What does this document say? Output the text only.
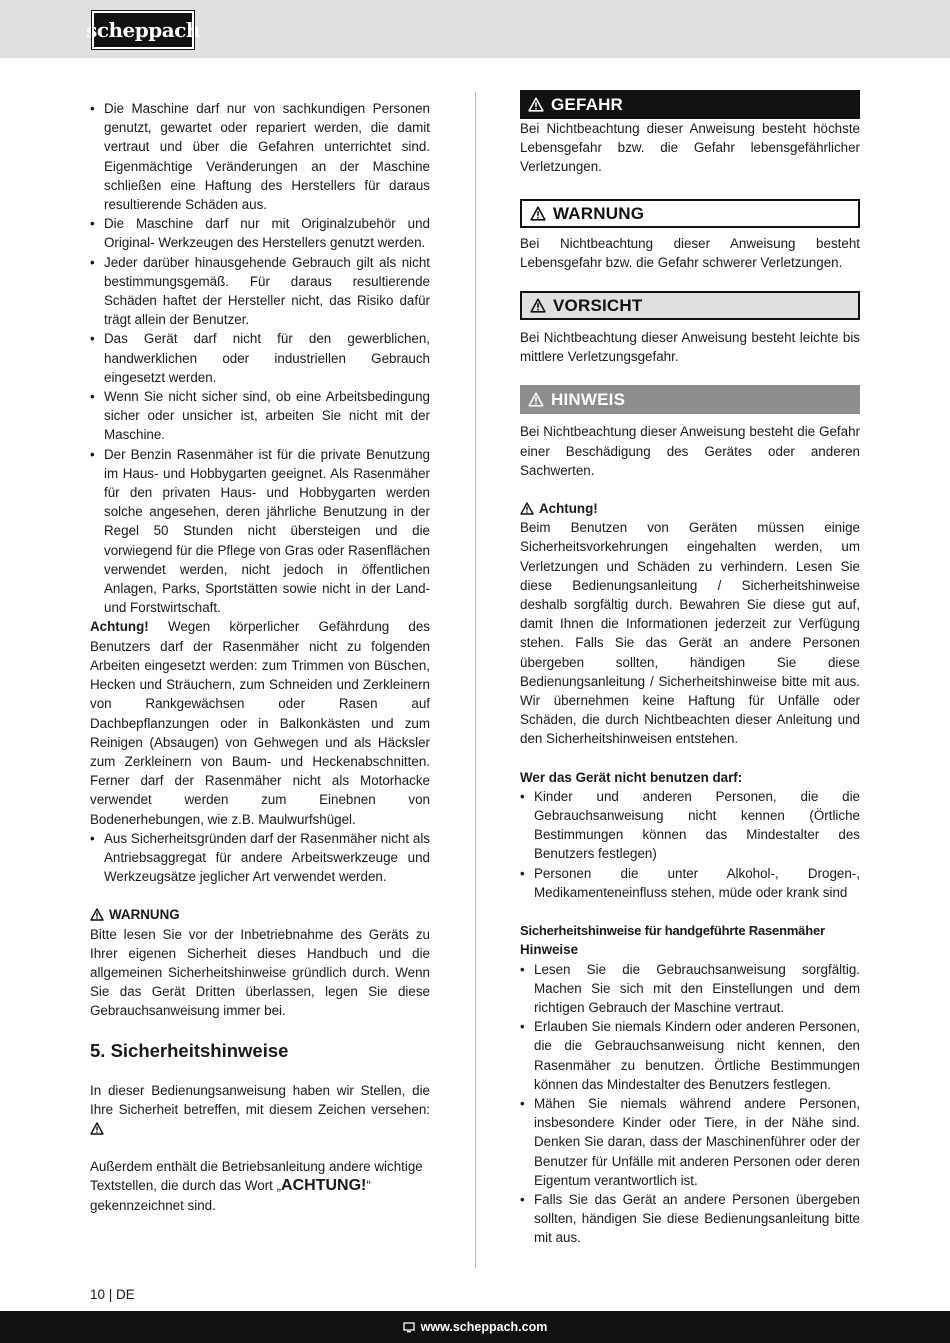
scheppach
• Die Maschine darf nur von sachkundigen Personen genutzt, gewartet oder repariert werden, die damit vertraut und über die Gefahren unterrichtet sind. Eigenmächtige Veränderungen an der Maschine schließen eine Haftung des Herstellers für daraus resultierende Schäden aus.
• Die Maschine darf nur mit Originalzubehör und Original- Werkzeugen des Herstellers genutzt werden.
• Jeder darüber hinausgehende Gebrauch gilt als nicht bestimmungsgemäß. Für daraus resultierende Schäden haftet der Hersteller nicht, das Risiko dafür trägt allein der Benutzer.
• Das Gerät darf nicht für den gewerblichen, handwerklichen oder industriellen Gebrauch eingesetzt werden.
• Wenn Sie nicht sicher sind, ob eine Arbeitsbedingung sicher oder unsicher ist, arbeiten Sie nicht mit der Maschine.
• Der Benzin Rasenmäher ist für die private Benutzung im Haus- und Hobbygarten geeignet. Als Rasenmäher für den privaten Haus- und Hobbygarten werden solche angesehen, deren jährliche Benutzung in der Regel 50 Stunden nicht übersteigen und die vorwiegend für die Pflege von Gras oder Rasenflächen verwendet werden, nicht jedoch in öffentlichen Anlagen, Parks, Sportstätten sowie nicht in der Land- und Forstwirtschaft.

Achtung! Wegen körperlicher Gefährdung des Benutzers darf der Rasenmäher nicht zu folgenden Arbeiten eingesetzt werden: zum Trimmen von Büschen, Hecken und Sträuchern, zum Schneiden und Zerkleinern von Rankgewächsen oder Rasen auf Dachbepflanzungen oder in Balkonkästen und zum Reinigen (Absaugen) von Gehwegen und als Häcksler zum Zerkleinern von Baum- und Heckenabschnitten. Ferner darf der Rasenmäher nicht als Motorhacke verwendet werden zum Einebnen von Bodenerhebungen, wie z.B. Maulwurfshügel.

• Aus Sicherheitsgründen darf der Rasenmäher nicht als Antriebsaggregat für andere Arbeitswerkzeuge und Werkzeugsätze jeglicher Art verwendet werden.
WARNUNG

Bitte lesen Sie vor der Inbetriebnahme des Geräts zu Ihrer eigenen Sicherheit dieses Handbuch und die allgemeinen Sicherheitshinweise gründlich durch. Wenn Sie das Gerät Dritten überlassen, legen Sie diese Gebrauchsanweisung immer bei.

5. Sicherheitshinweise

In dieser Bedienungsanweisung haben wir Stellen, die Ihre Sicherheit betreffen, mit diesem Zeichen versehen:

Außerdem enthält die Betriebsanleitung andere wichtige Textstellen, die durch das Wort „ACHTUNG!“ gekennzeichnet sind.

GEFAHR

Bei Nichtbeachtung dieser Anweisung besteht höchste Lebensgefahr bzw. die Gefahr lebensgefährlicher Verletzungen.

WARNUNG

Bei Nichtbeachtung dieser Anweisung besteht Lebensgefahr bzw. die Gefahr schwerer Verletzungen.

VORSICHT

Bei Nichtbeachtung dieser Anweisung besteht leichte bis mittlere Verletzungsgefahr.

HINWEIS

Bei Nichtbeachtung dieser Anweisung besteht die Gefahr einer Beschädigung des Gerätes oder anderen Sachwerten.

Achtung!

Beim Benutzen von Geräten müssen einige Sicherheitsvorkehrungen eingehalten werden, um Verletzungen und Schäden zu verhindern. Lesen Sie diese Bedienungsanleitung / Sicherheitshinweise deshalb sorgfältig durch. Bewahren Sie diese gut auf, damit Ihnen die Informationen jederzeit zur Verfügung stehen. Falls Sie das Gerät an andere Personen übergeben sollten, händigen Sie diese Bedienungsanleitung / Sicherheitshinweise bitte mit aus. Wir übernehmen keine Haftung für Unfälle oder Schäden, die durch Nichtbeachten dieser Anleitung und den Sicherheitshinweisen entstehen.

Wer das Gerät nicht benutzen darf:

• Kinder und anderen Personen, die die Gebrauchsanweisung nicht kennen (Örtliche Bestimmungen können das Mindestalter des Benutzers festlegen)
• Personen die unter Alkohol-, Drogen-, Medikamenteneinfluss stehen, müde oder krank sind

Sicherheitshinweise für handgeführte Rasenmäher

Hinweise

• Lesen Sie die Gebrauchsanweisung sorgfältig. Machen Sie sich mit den Einstellungen und dem richtigen Gebrauch der Maschine vertraut.
• Erlauben Sie niemals Kindern oder anderen Personen, die die Gebrauchsanweisung nicht kennen, den Rasenmäher zu benutzen. Örtliche Bestimmungen können das Mindestalter des Benutzers festlegen.
• Mähen Sie niemals während andere Personen, insbesondere Kinder oder Tiere, in der Nähe sind. Denken Sie daran, dass der Maschinenführer oder der Benutzer für Unfälle mit anderen Personen oder deren Eigentum verantwortlich ist.
• Falls Sie das Gerät an andere Personen übergeben sollten, händigen Sie diese Bedienungsanleitung bitte mit aus.
10 | DE
www.scheppach.com
